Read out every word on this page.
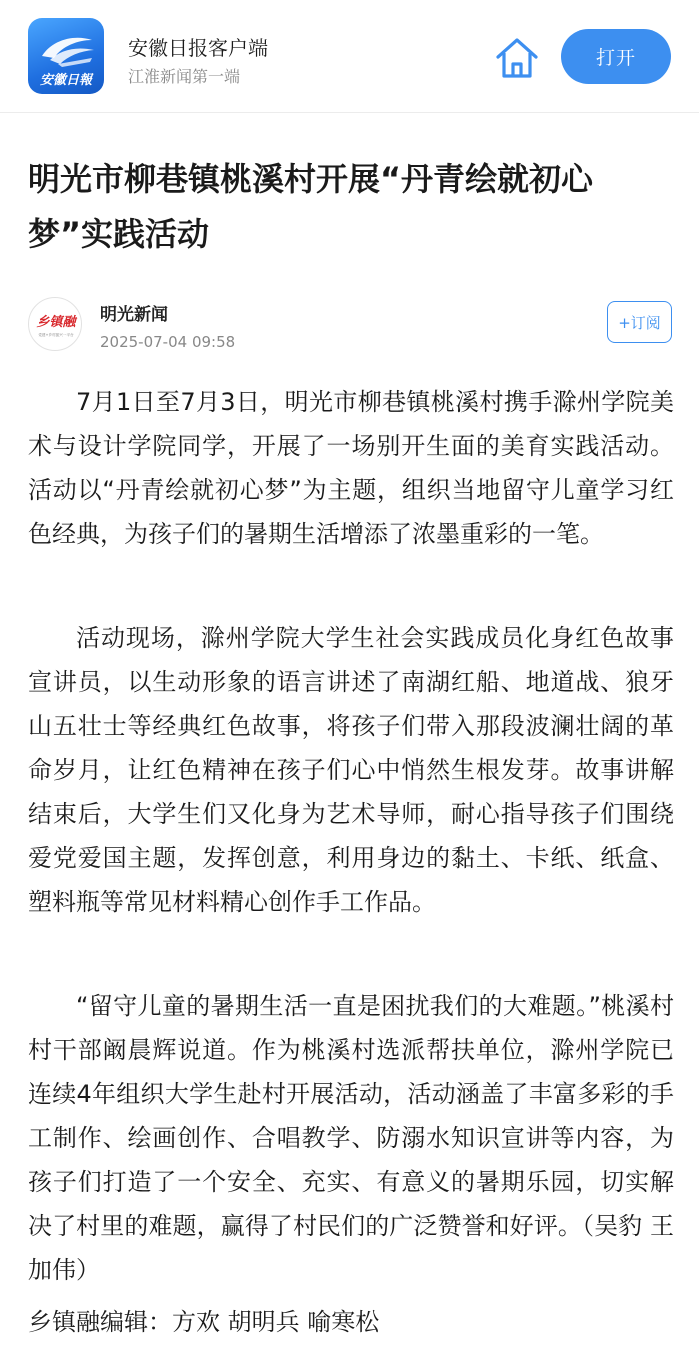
安徽日報
安徽日报客户端
江淮新闻第一端
打开
明光市柳巷镇桃溪村开展“丹青绘就初心梦”实践活动
乡镇融
党建+乡村振兴一平台
明光新闻
2025-07-04 09:58
+订阅

7月1日至7月3日，明光市柳巷镇桃溪村携手滁州学院美术与设计学院同学，开展了一场别开生面的美育实践活动。活动以“丹青绘就初心梦”为主题，组织当地留守儿童学习红色经典，为孩子们的暑期生活增添了浓墨重彩的一笔。

活动现场，滁州学院大学生社会实践成员化身红色故事宣讲员，以生动形象的语言讲述了南湖红船、地道战、狼牙山五壮士等经典红色故事，将孩子们带入那段波澜壮阔的革命岁月，让红色精神在孩子们心中悄然生根发芽。故事讲解结束后，大学生们又化身为艺术导师，耐心指导孩子们围绕爱党爱国主题，发挥创意，利用身边的黏土、卡纸、纸盒、塑料瓶等常见材料精心创作手工作品。

“留守儿童的暑期生活一直是困扰我们的大难题。”桃溪村村干部阚晨辉说道。作为桃溪村选派帮扶单位，滁州学院已连续4年组织大学生赴村开展活动，活动涵盖了丰富多彩的手工制作、绘画创作、合唱教学、防溺水知识宣讲等内容，为孩子们打造了一个安全、充实、有意义的暑期乐园，切实解决了村里的难题，赢得了村民们的广泛赞誉和好评。（吴豹 王加伟）

乡镇融编辑：方欢 胡明兵 喻寒松
